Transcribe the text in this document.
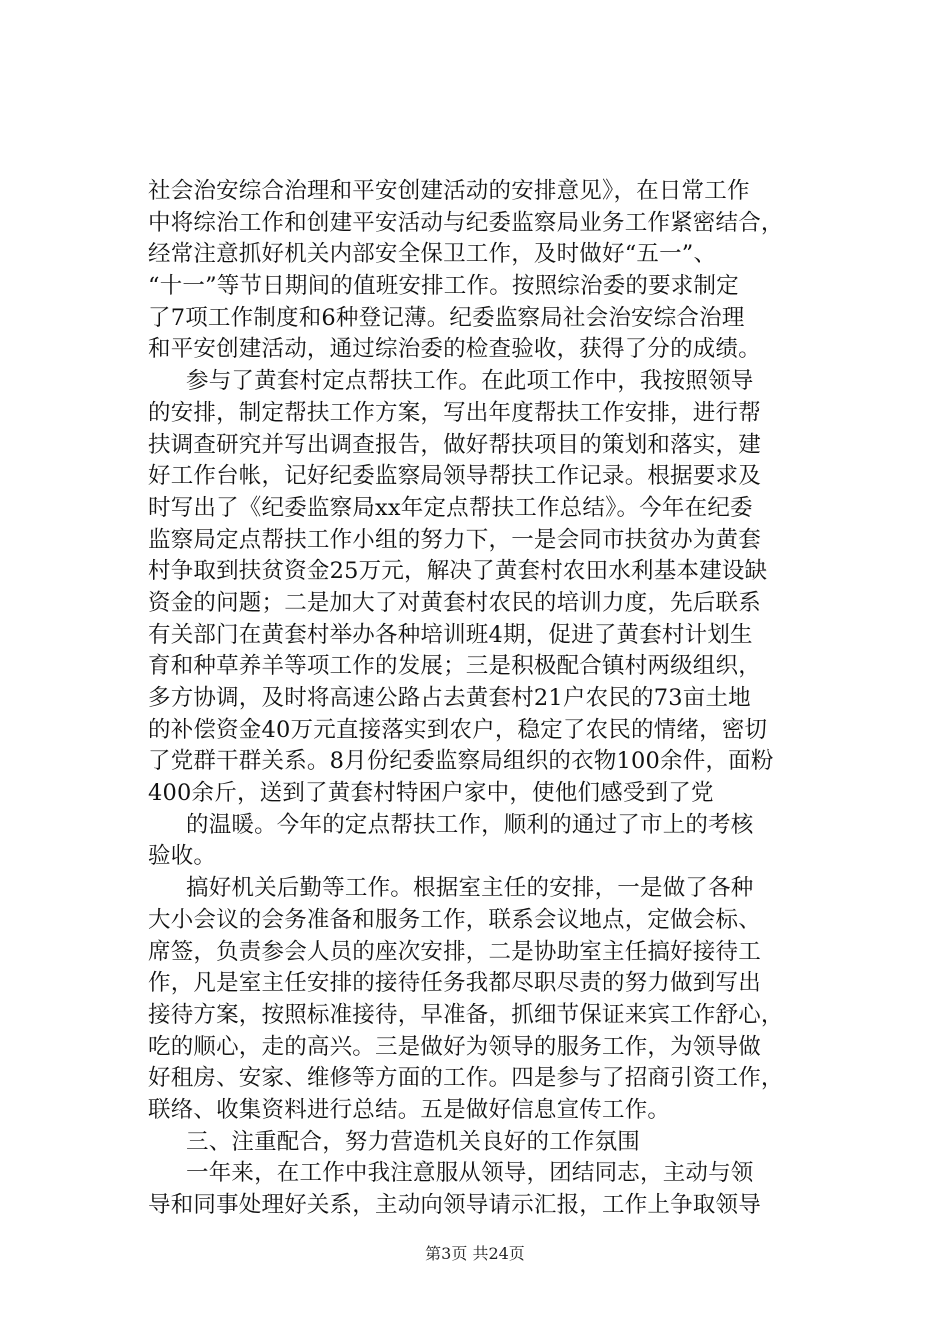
社会治安综合治理和平安创建活动的安排意见》，在日常工作
中将综治工作和创建平安活动与纪委监察局业务工作紧密结合，
经常注意抓好机关内部安全保卫工作，及时做好“五一”、
“十一”等节日期间的值班安排工作。按照综治委的要求制定
了7项工作制度和6种登记薄。纪委监察局社会治安综合治理
和平安创建活动，通过综治委的检查验收，获得了分的成绩。
参与了黄套村定点帮扶工作。在此项工作中，我按照领导
的安排，制定帮扶工作方案，写出年度帮扶工作安排，进行帮
扶调查研究并写出调查报告，做好帮扶项目的策划和落实，建
好工作台帐，记好纪委监察局领导帮扶工作记录。根据要求及
时写出了《纪委监察局xx年定点帮扶工作总结》。今年在纪委
监察局定点帮扶工作小组的努力下，一是会同市扶贫办为黄套
村争取到扶贫资金25万元，解决了黄套村农田水利基本建设缺
资金的问题；二是加大了对黄套村农民的培训力度，先后联系
有关部门在黄套村举办各种培训班4期，促进了黄套村计划生
育和种草养羊等项工作的发展；三是积极配合镇村两级组织，
多方协调，及时将高速公路占去黄套村21户农民的73亩土地
的补偿资金40万元直接落实到农户，稳定了农民的情绪，密切
了党群干群关系。8月份纪委监察局组织的衣物100余件，面粉
400余斤，送到了黄套村特困户家中，使他们感受到了党
的温暖。今年的定点帮扶工作，顺利的通过了市上的考核
验收。
搞好机关后勤等工作。根据室主任的安排，一是做了各种
大小会议的会务准备和服务工作，联系会议地点，定做会标、
席签，负责参会人员的座次安排，二是协助室主任搞好接待工
作，凡是室主任安排的接待任务我都尽职尽责的努力做到写出
接待方案，按照标准接待，早准备，抓细节保证来宾工作舒心，
吃的顺心，走的高兴。三是做好为领导的服务工作，为领导做
好租房、安家、维修等方面的工作。四是参与了招商引资工作，
联络、收集资料进行总结。五是做好信息宣传工作。
三、注重配合，努力营造机关良好的工作氛围
一年来，在工作中我注意服从领导，团结同志，主动与领
导和同事处理好关系，主动向领导请示汇报，工作上争取领导
第3页 共24页
